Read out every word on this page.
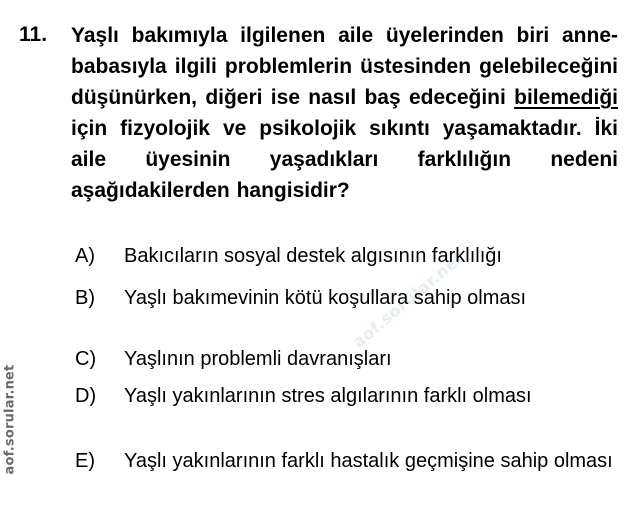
aof.sorular.net
aof.sorular.net
11. Yaşlı bakımıyla ilgilenen aile üyelerinden biri anne-babasıyla ilgili problemlerin üstesinden gelebileceğini düşünürken, diğeri ise nasıl baş edeceğini bilemediği için fizyolojik ve psikolojik sıkıntı yaşamaktadır. İki aile üyesinin yaşadıkları farklılığın nedeni aşağıdakilerden hangisidir?

A)	Bakıcıların sosyal destek algısının farklılığı
B)	Yaşlı bakımevinin kötü koşullara sahip olması
C)	Yaşlının problemli davranışları
D)	Yaşlı yakınlarının stres algılarının farklı olması
E)	Yaşlı yakınlarının farklı hastalık geçmişine sahip olması
